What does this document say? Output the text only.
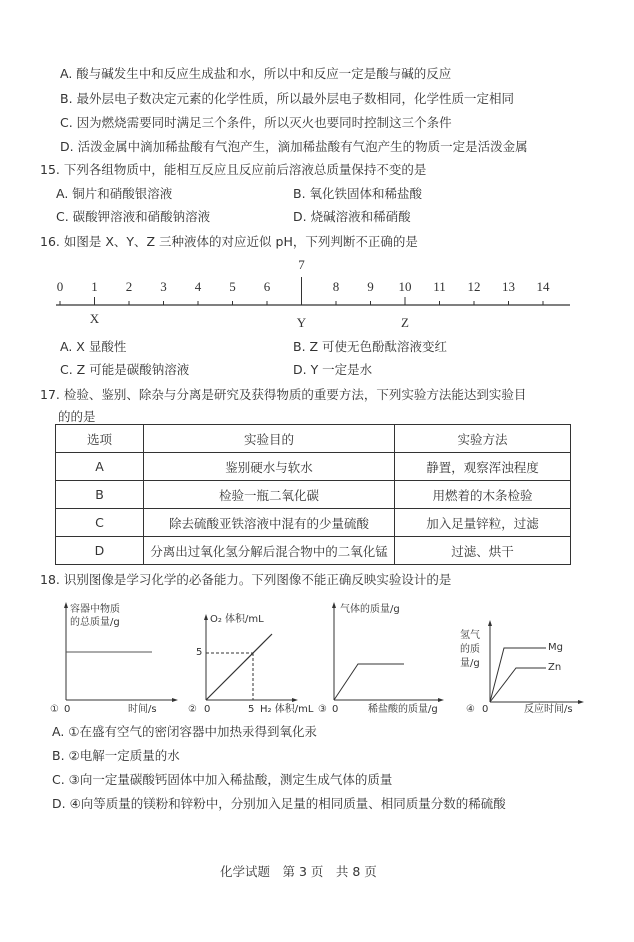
A. 酸与碱发生中和反应生成盐和水，所以中和反应一定是酸与碱的反应
B. 最外层电子数决定元素的化学性质，所以最外层电子数相同，化学性质一定相同
C. 因为燃烧需要同时满足三个条件，所以灭火也要同时控制这三个条件
D. 活泼金属中滴加稀盐酸有气泡产生，滴加稀盐酸有气泡产生的物质一定是活泼金属
15. 下列各组物质中，能相互反应且反应前后溶液总质量保持不变的是
A. 铜片和硝酸银溶液	B. 氧化铁固体和稀盐酸
C. 碳酸钾溶液和硝酸钠溶液	D. 烧碱溶液和稀硝酸
16. 如图是 X、Y、Z 三种液体的对应近似 pH，下列判断不正确的是
0 1 2 3 4 5 6
7
8 9 10 11 12 13 14
X	Y	Z
A. X 显酸性	B. Z 可使无色酚酞溶液变红
C. Z 可能是碳酸钠溶液	D. Y 一定是水
17. 检验、鉴别、除杂与分离是研究及获得物质的重要方法，下列实验方法能达到实验目
的的是
选项	实验目的	实验方法
A	鉴别硬水与软水	静置，观察浑浊程度
B	检验一瓶二氧化碳	用燃着的木条检验
C	除去硫酸亚铁溶液中混有的少量硫酸	加入足量锌粒，过滤
D	分离出过氧化氢分解后混合物中的二氧化锰	过滤、烘干
18. 识别图像是学习化学的必备能力。下列图像不能正确反映实验设计的是
容器中物质
的总质量/g
① 0	时间/s
O₂ 体积/mL
5
② 0	5 H₂ 体积/mL
气体的质量/g
③ 0	稀盐酸的质量/g
氢气
的质
量/g
Mg
Zn
④ 0	反应时间/s
A. ①在盛有空气的密闭容器中加热汞得到氧化汞
B. ②电解一定质量的水
C. ③向一定量碳酸钙固体中加入稀盐酸，测定生成气体的质量
D. ④向等质量的镁粉和锌粉中，分别加入足量的相同质量、相同质量分数的稀硫酸
化学试题　第 3 页　共 8 页
